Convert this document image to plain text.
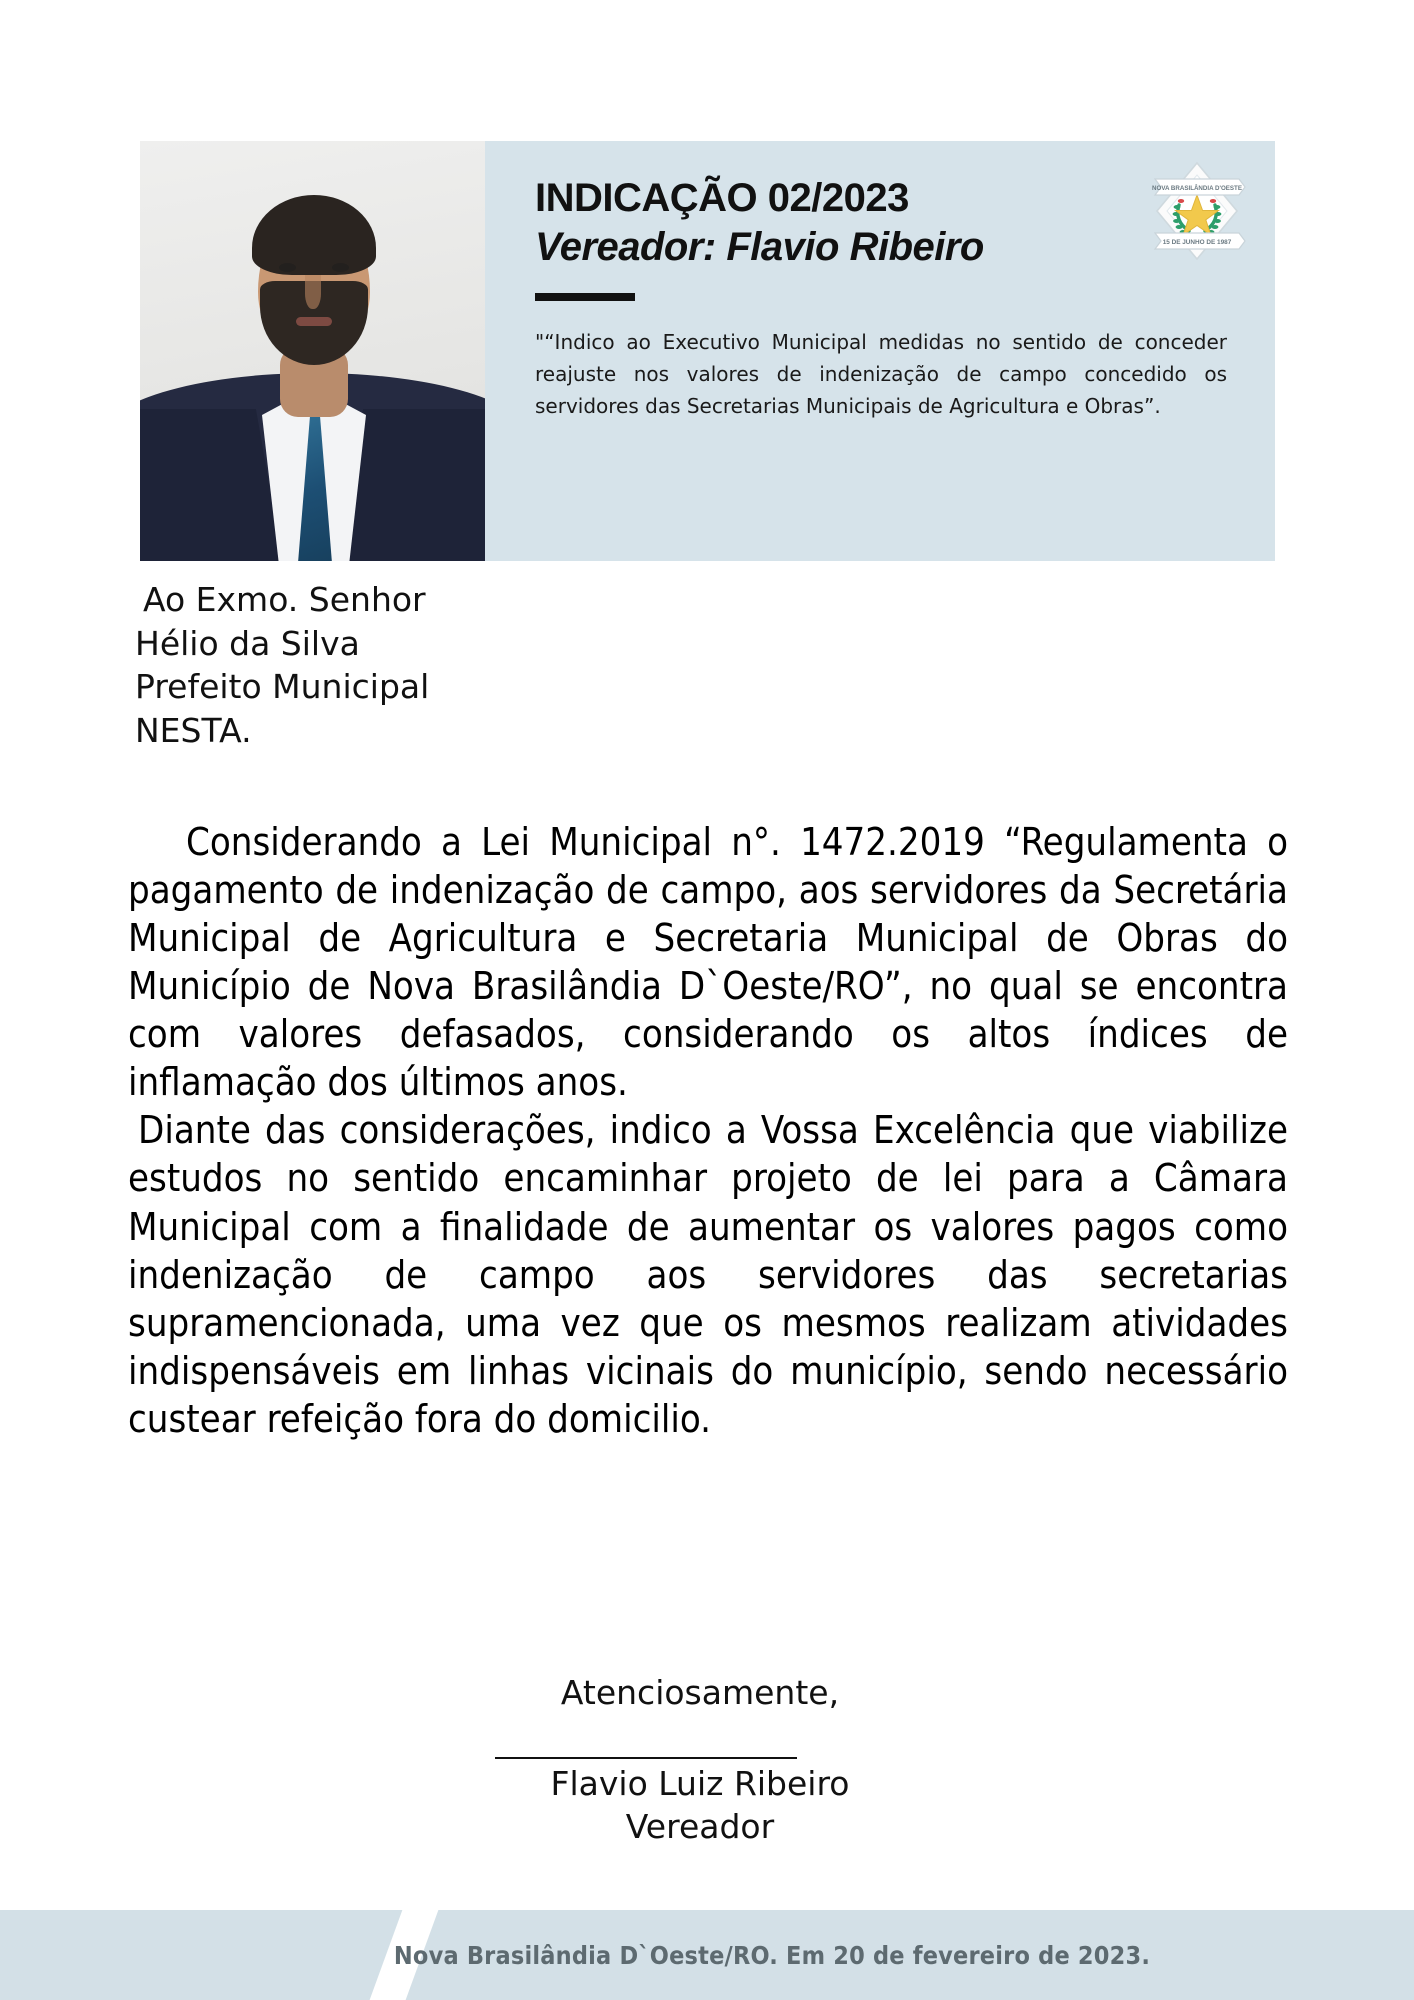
INDICAÇÃO 02/2023
Vereador: Flavio Ribeiro
"“Indico ao Executivo Municipal medidas no sentido de conceder reajuste nos valores de indenização de campo concedido os servidores das Secretarias Municipais de Agricultura e Obras”.
NOVA BRASILÂNDIA D'OESTE
15 DE JUNHO DE 1987
Ao Exmo. Senhor
Hélio da Silva
Prefeito Municipal
NESTA.

Considerando a Lei Municipal n°. 1472.2019 “Regulamenta o pagamento de indenização de campo, aos servidores da Secretária Municipal de Agricultura e Secretaria Municipal de Obras do Município de Nova Brasilândia D`Oeste/RO”, no qual se encontra com valores defasados, considerando os altos índices de inflamação dos últimos anos.

Diante das considerações, indico a Vossa Excelência que viabilize estudos no sentido encaminhar projeto de lei para a Câmara Municipal com a finalidade de aumentar os valores pagos como indenização de campo aos servidores das secretarias supramencionada, uma vez que os mesmos realizam atividades indispensáveis em linhas vicinais do município, sendo necessário custear refeição fora do domicilio.

Atenciosamente,
Flavio Luiz Ribeiro
Vereador
Nova Brasilândia D`Oeste/RO. Em 20 de fevereiro de 2023.
